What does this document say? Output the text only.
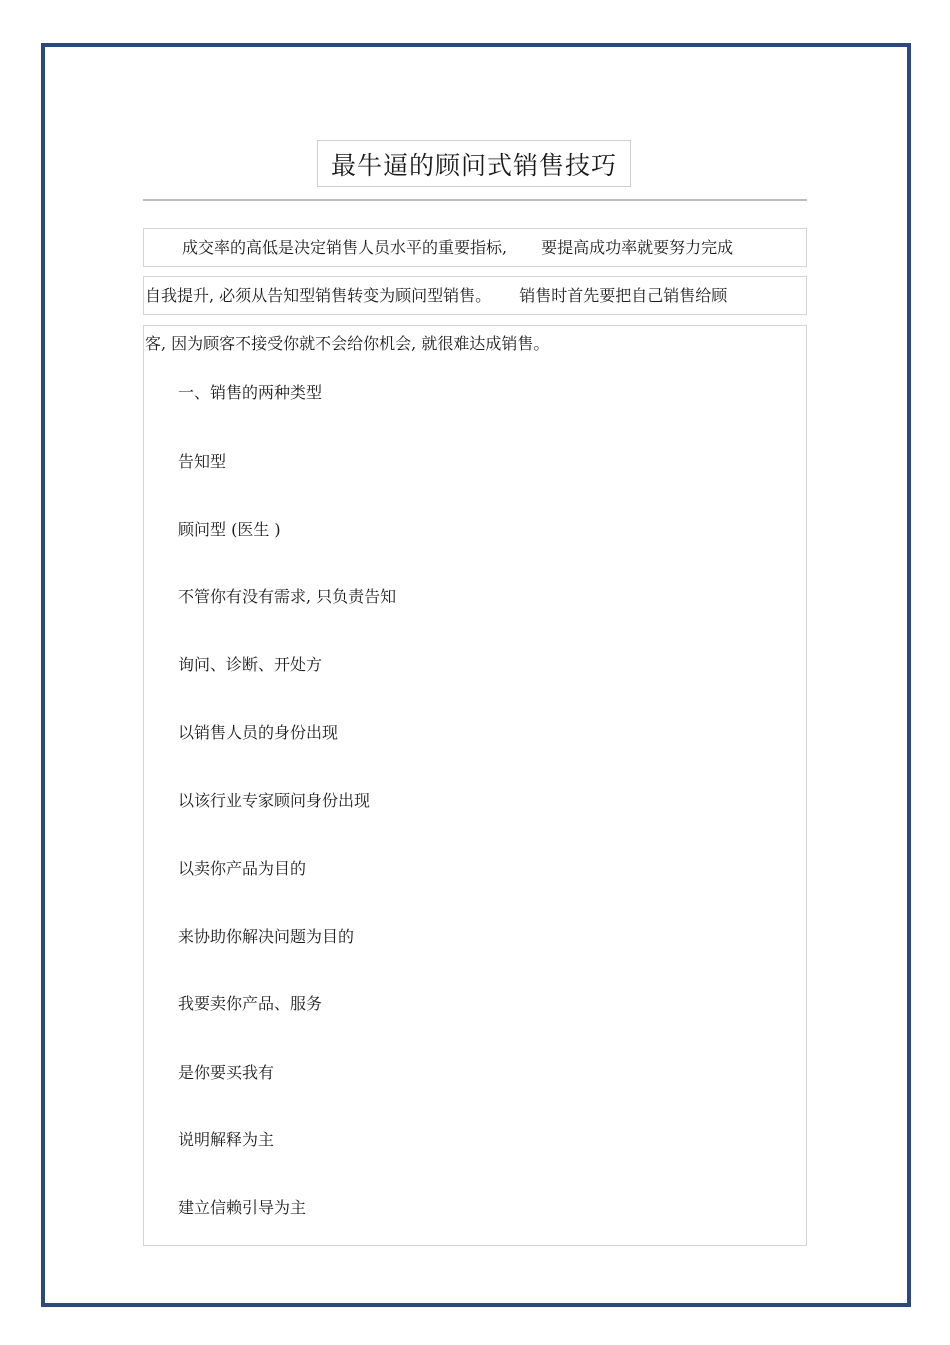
最牛逼的顾问式销售技巧
成交率的高低是决定销售人员水平的重要指标, 要提高成功率就要努力完成
自我提升, 必须从告知型销售转变为顾问型销售。 销售时首先要把自己销售给顾
客, 因为顾客不接受你就不会给你机会, 就很难达成销售。
一、销售的两种类型
告知型
顾问型 (医生 )
不管你有没有需求, 只负责告知
询问、诊断、开处方
以销售人员的身份出现
以该行业专家顾问身份出现
以卖你产品为目的
来协助你解决问题为目的
我要卖你产品、服务
是你要买我有
说明解释为主
建立信赖引导为主
